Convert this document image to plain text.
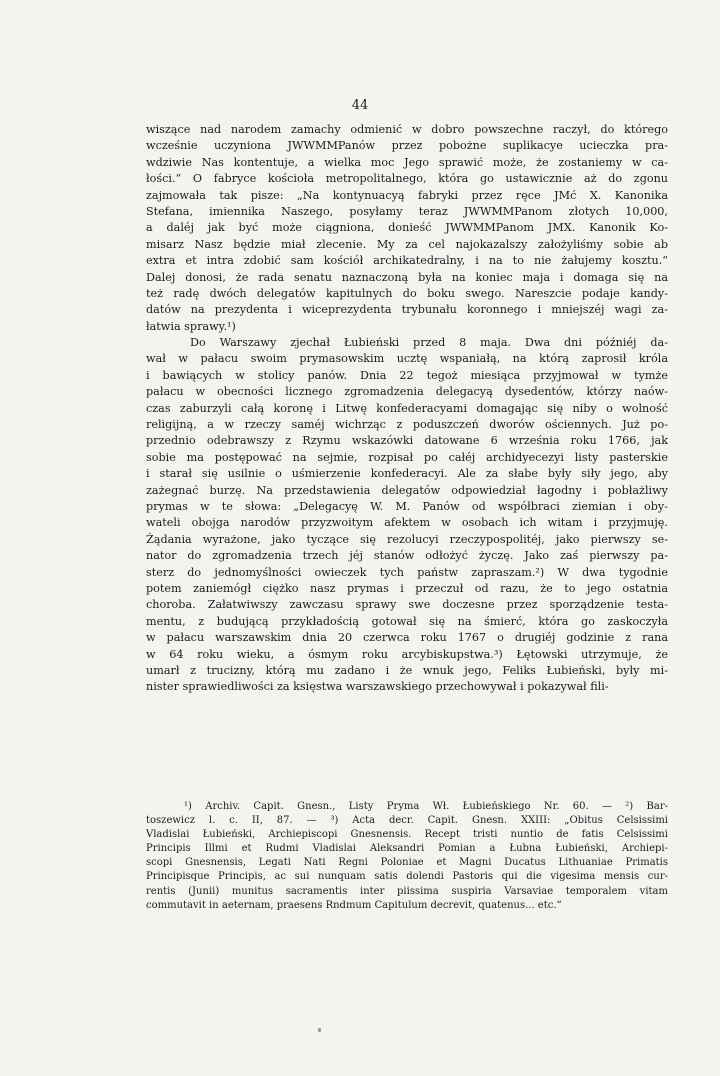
44
wiszące nad narodem zamachy odmienić w dobro powszechne raczył, do którego
wcześnie uczyniona JWWMMPanów przez pobożne suplikacye ucieczka pra-
wdziwie Nas kontentuje, a wielka moc Jego sprawić może, że zostaniemy w ca-
łości.“ O fabryce kościoła metropolitalnego, która go ustawicznie aż do zgonu
zajmowała tak pisze: „Na kontynuacyą fabryki przez ręce JMć X. Kanonika
Stefana, imiennika Naszego, posyłamy teraz JWWMMPanom złotych 10,000,
a daléj jak być może ciągniona, donieść JWWMMPanom JMX. Kanonik Ko-
misarz Nasz będzie miał zlecenie. My za cel najokazalszy założyliśmy sobie ab
extra et intra zdobić sam kościół archikatedralny, i na to nie żałujemy kosztu.“
Dalej donosi, że rada senatu naznaczoną była na koniec maja i domaga się na
też radę dwóch delegatów kapitulnych do boku swego. Nareszcie podaje kandy-
datów na prezydenta i wiceprezydenta trybunału koronnego i mniejszéj wagi za-
łatwia sprawy.¹)
Do Warszawy zjechał Łubieński przed 8 maja. Dwa dni późniéj da-
wał w pałacu swoim prymasowskim ucztę wspaniałą, na którą zaprosił króla
i bawiących w stolicy panów. Dnia 22 tegoż miesiąca przyjmował w tymże
pałacu w obecności licznego zgromadzenia delegacyą dysedentów, którzy naów-
czas zaburzyli całą koronę i Litwę konfederacyami domagając się niby o wolność
religijną, a w rzeczy saméj wichrząc z poduszczeń dworów ościennych. Już po-
przednio odebrawszy z Rzymu wskazówki datowane 6 września roku 1766, jak
sobie ma postępować na sejmie, rozpisał po całéj archidyecezyi listy pasterskie
i starał się usilnie o uśmierzenie konfederacyi. Ale za słabe były siły jego, aby
zażegnać burzę. Na przedstawienia delegatów odpowiedział łagodny i pobłażliwy
prymas w te słowa: „Delegacyę W. M. Panów od współbraci ziemian i oby-
wateli obojga narodów przyzwoitym afektem w osobach ich witam i przyjmuję.
Żądania wyrażone, jako tyczące się rezolucyi rzeczypospolitéj, jako pierwszy se-
nator do zgromadzenia trzech jéj stanów odłożyć życzę. Jako zaś pierwszy pa-
sterz do jednomyślności owieczek tych państw zapraszam.²) W dwa tygodnie
potem zaniemógł ciężko nasz prymas i przeczuł od razu, że to jego ostatnia
choroba. Załatwiwszy zawczasu sprawy swe doczesne przez sporządzenie testa-
mentu, z budującą przykładością gotował się na śmierć, która go zaskoczyła
w pałacu warszawskim dnia 20 czerwca roku 1767 o drugiéj godzinie z rana
w 64 roku wieku, a ósmym roku arcybiskupstwa.³) Łętowski utrzymuje, że
umarł z trucizny, którą mu zadano i że wnuk jego, Feliks Łubieński, były mi-
nister sprawiedliwości za księstwa warszawskiego przechowywał i pokazywał fili-
¹) Archiv. Capit. Gnesn., Listy Pryma Wł. Łubieńskiego Nr. 60. — ²) Bar-
toszewicz l. c. II, 87. — ³) Acta decr. Capit. Gnesn. XXIII: „Obitus Celsissimi
Vladislai Łubieński, Archiepiscopi Gnesnensis. Recept tristi nuntio de fatis Celsissimi
Principis Illmi et Rudmi Vladislai Aleksandri Pomian a Łubna Łubieński, Archiepi-
scopi Gnesnensis, Legati Nati Regni Poloniae et Magni Ducatus Lithuaniae Primatis
Principisque Principis, ac sui nunquam satis dolendi Pastoris qui die vigesima mensis cur-
rentis (Junii) munitus sacramentis inter piissima suspiria Varsaviae temporalem vitam
commutavit in aeternam, praesens Rndmum Capitulum decrevit, quatenus... etc.“
